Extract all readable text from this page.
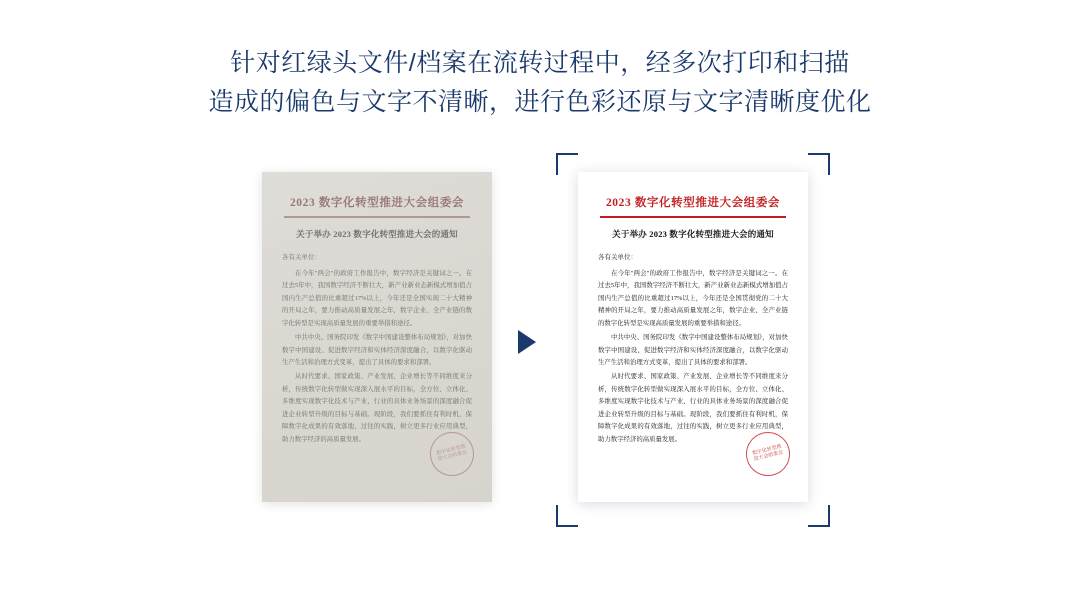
针对红绿头文件/档案在流转过程中，经多次打印和扫描
造成的偏色与文字不清晰，进行色彩还原与文字清晰度优化
2023 数字化转型推进大会组委会
关于举办 2023 数字化转型推进大会的通知
各有关单位：

在今年"两会"的政府工作报告中，数字经济是关键词之一。在过去5年中，我国数字经济不断壮大，新产业新业态新模式增加值占国内生产总值的比重超过17%以上，今年还是全国实现二十大精神的开局之年，要力推动高质量发展之年，数字企业、全产业链的数字化转型是实现高质量发展的重要举措和途径。

中共中央、国务院印发《数字中国建设整体布局规划》，对加快数字中国建设、促进数字经济和实体经济深度融合，以数字化驱动生产生活和治理方式变革，提出了具体的要求和部署。

从时代要求、国家政策、产业发展、企业增长等不同维度来分析，传统数字化转型做实现深入展水平的目标，全方位、立体化、多维度实现数字化技术与产业、行业的具体业务场景的深度融合促进企业转型升级的目标与基础。现阶段，我们要抓住有利时机，保障数字化成果的有效落地，过往的实践，树立更多行业应用典型，助力数字经济的高质量发展。

数字化转型推进大会组委会
2023 数字化转型推进大会组委会
关于举办 2023 数字化转型推进大会的通知
各有关单位：

在今年"两会"的政府工作报告中，数字经济是关键词之一。在过去5年中，我国数字经济不断壮大，新产业新业态新模式增加值占国内生产总值的比重超过17%以上，今年还是全国贯彻党的二十大精神的开局之年，要力推动高质量发展之年，数字企业、全产业链的数字化转型是实现高质量发展的重要举措和途径。

中共中央、国务院印发《数字中国建设整体布局规划》，对加快数字中国建设、促进数字经济和实体经济深度融合，以数字化驱动生产生活和治理方式变革，提出了具体的要求和部署。

从时代要求、国家政策、产业发展、企业增长等不同维度来分析，传统数字化转型做实现深入展水平的目标，全方位、立体化、多维度实现数字化技术与产业、行业的具体业务场景的深度融合促进企业转型升级的目标与基础。现阶段，我们要抓住有利时机，保障数字化成果的有效落地，过往的实践，树立更多行业应用典型，助力数字经济的高质量发展。

数字化转型推进大会组委会
